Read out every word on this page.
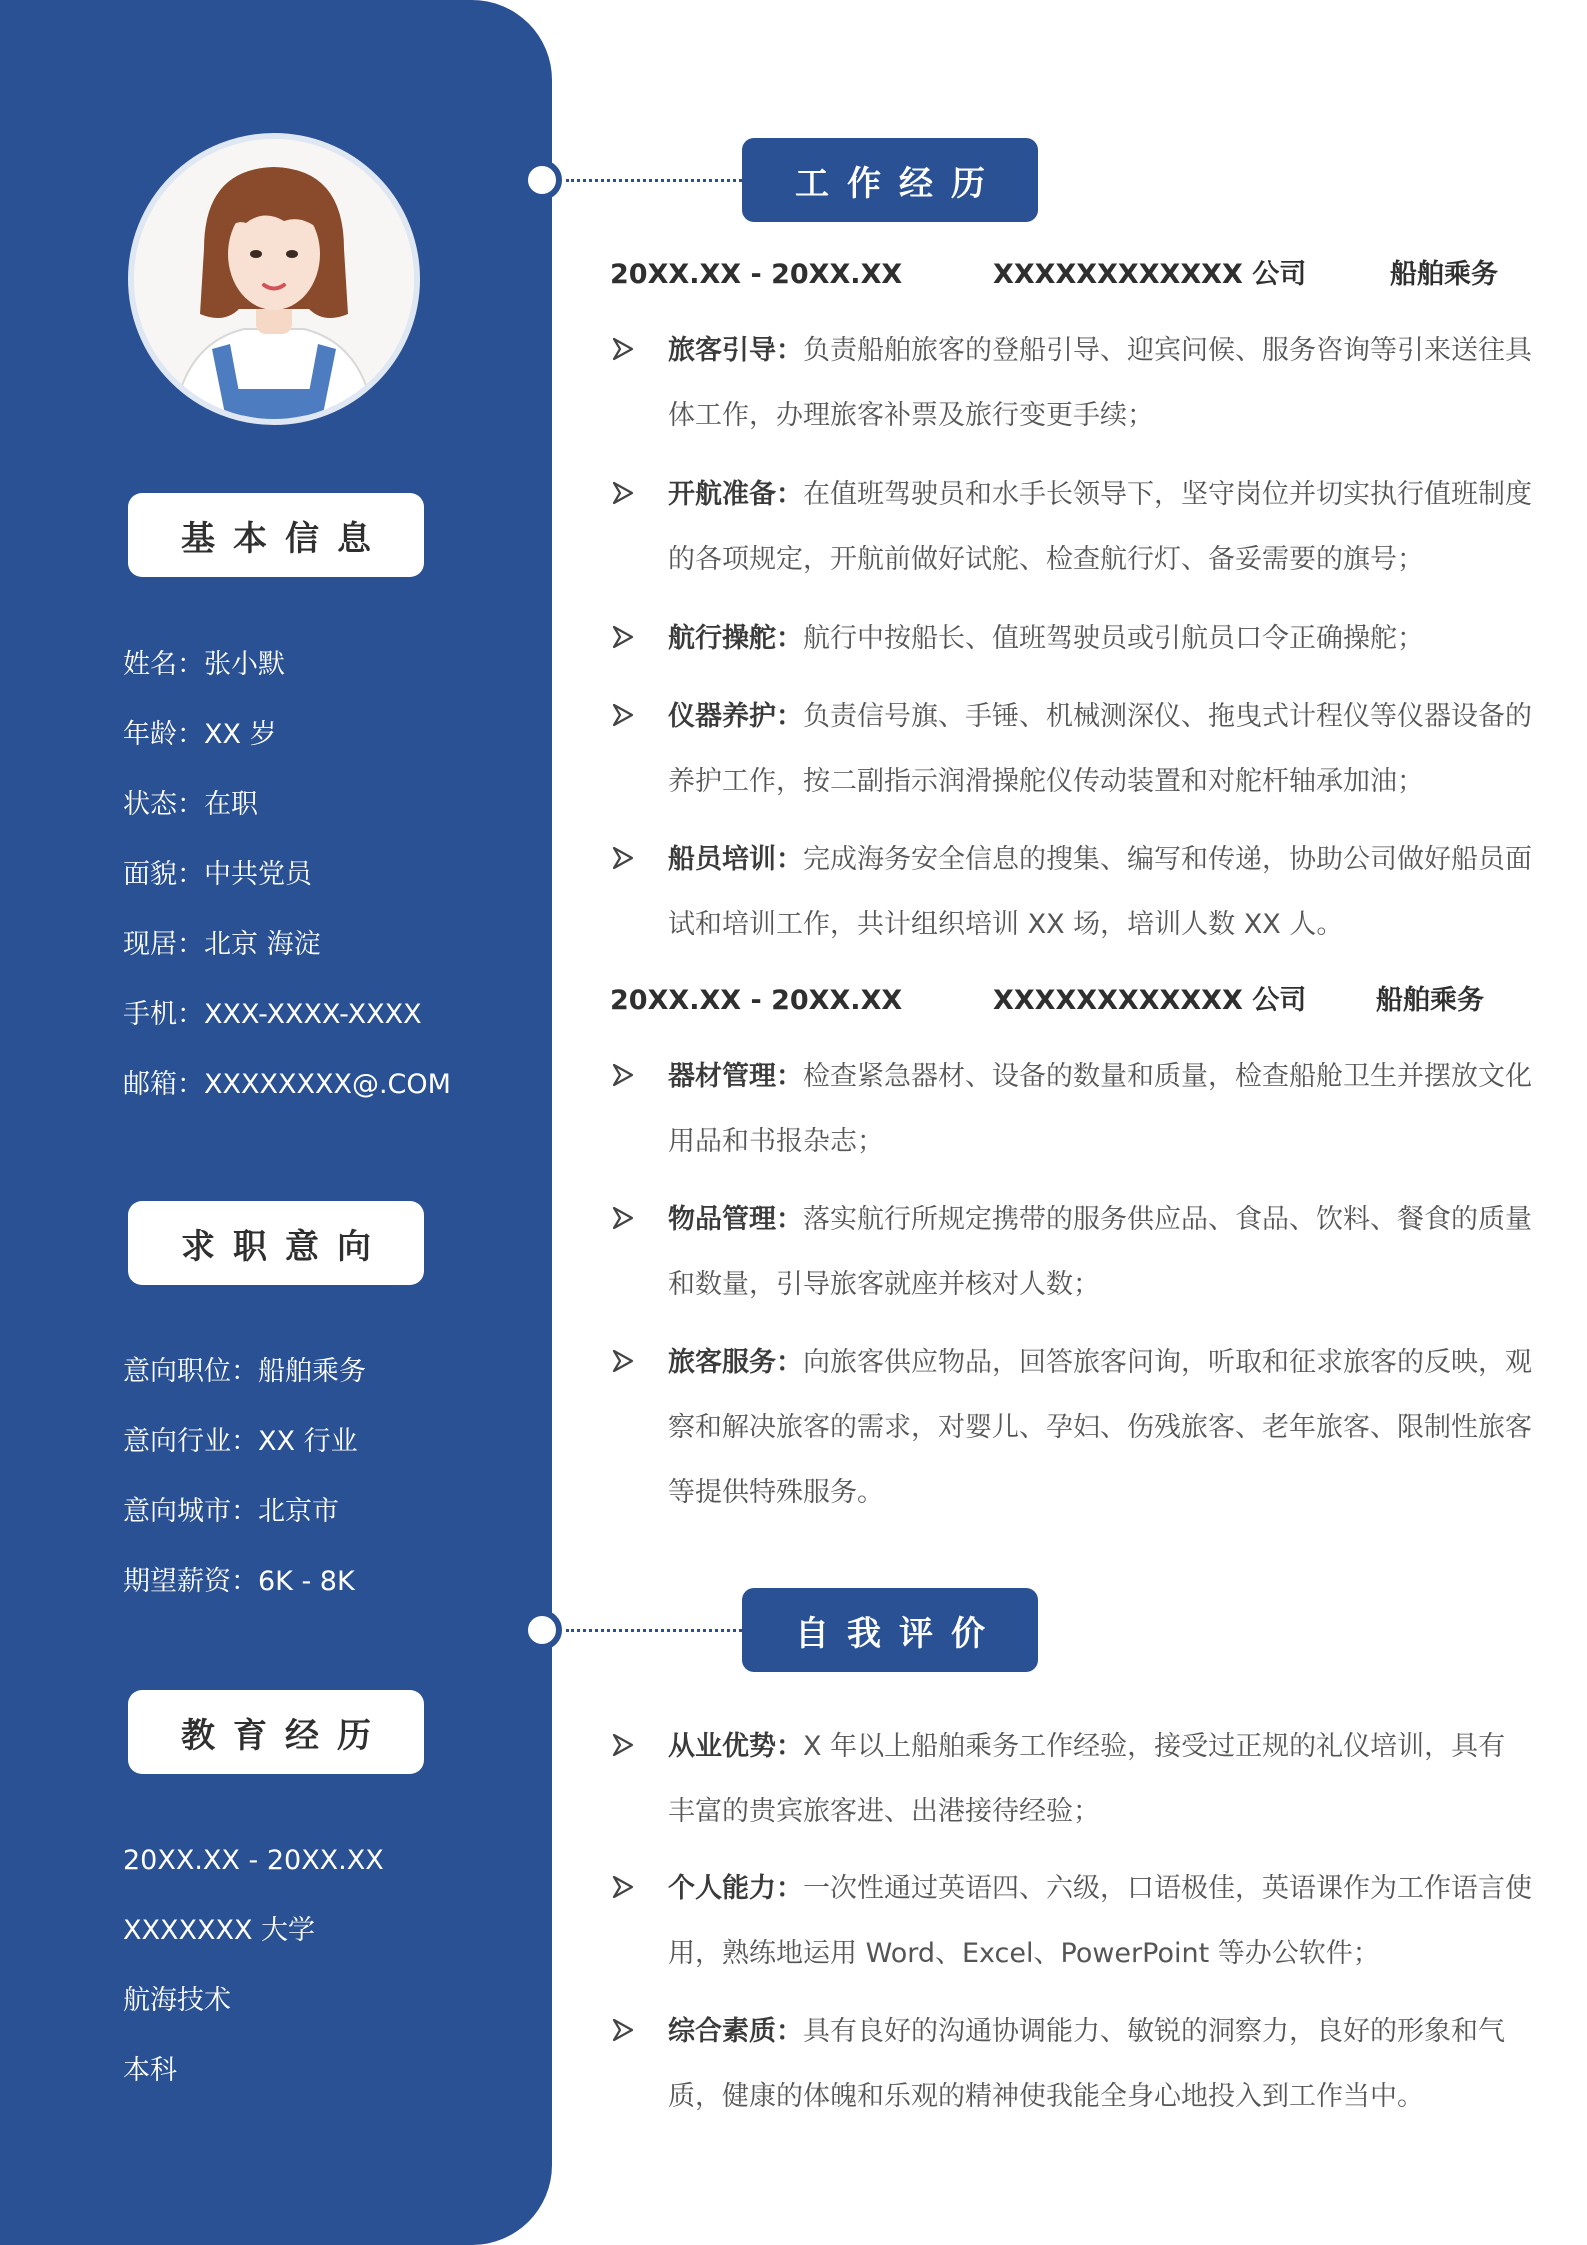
基本信息
姓名：张小默
年龄：XX 岁
状态：在职
面貌：中共党员
现居：北京 海淀
手机：XXX-XXXX-XXXX
邮箱：XXXXXXXX@.COM
求职意向
意向职位：船舶乘务
意向行业：XX 行业
意向城市：北京市
期望薪资：6K - 8K
教育经历
20XX.XX - 20XX.XX
XXXXXXX 大学
航海技术
本科
工作经历
20XX.XX - 20XX.XX	XXXXXXXXXXXX 公司	船舶乘务
旅客引导：负责船舶旅客的登船引导、迎宾问候、服务咨询等引来送往具体工作，办理旅客补票及旅行变更手续；
开航准备：在值班驾驶员和水手长领导下，坚守岗位并切实执行值班制度的各项规定，开航前做好试舵、检查航行灯、备妥需要的旗号；
航行操舵：航行中按船长、值班驾驶员或引航员口令正确操舵；
仪器养护：负责信号旗、手锤、机械测深仪、拖曳式计程仪等仪器设备的养护工作，按二副指示润滑操舵仪传动装置和对舵杆轴承加油；
船员培训：完成海务安全信息的搜集、编写和传递，协助公司做好船员面试和培训工作，共计组织培训 XX 场，培训人数 XX 人。
20XX.XX - 20XX.XX	XXXXXXXXXXXX 公司	船舶乘务
器材管理：检查紧急器材、设备的数量和质量，检查船舱卫生并摆放文化用品和书报杂志；
物品管理：落实航行所规定携带的服务供应品、食品、饮料、餐食的质量和数量，引导旅客就座并核对人数；
旅客服务：向旅客供应物品，回答旅客问询，听取和征求旅客的反映，观察和解决旅客的需求，对婴儿、孕妇、伤残旅客、老年旅客、限制性旅客等提供特殊服务。
自我评价
从业优势：X 年以上船舶乘务工作经验，接受过正规的礼仪培训，具有丰富的贵宾旅客进、出港接待经验；
个人能力：一次性通过英语四、六级，口语极佳，英语课作为工作语言使用，熟练地运用 Word、Excel、PowerPoint 等办公软件；
综合素质：具有良好的沟通协调能力、敏锐的洞察力，良好的形象和气质，健康的体魄和乐观的精神使我能全身心地投入到工作当中。
